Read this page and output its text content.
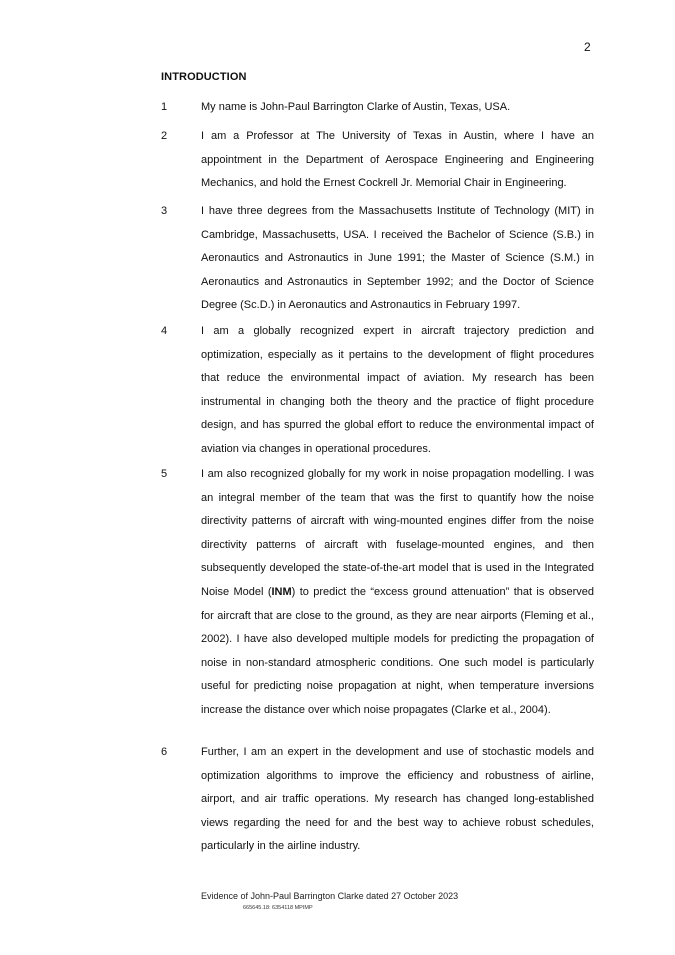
2
INTRODUCTION
1	My name is John-Paul Barrington Clarke of Austin, Texas, USA.
2	I am a Professor at The University of Texas in Austin, where I have an appointment in the Department of Aerospace Engineering and Engineering Mechanics, and hold the Ernest Cockrell Jr. Memorial Chair in Engineering.
3	I have three degrees from the Massachusetts Institute of Technology (MIT) in Cambridge, Massachusetts, USA. I received the Bachelor of Science (S.B.) in Aeronautics and Astronautics in June 1991; the Master of Science (S.M.) in Aeronautics and Astronautics in September 1992; and the Doctor of Science Degree (Sc.D.) in Aeronautics and Astronautics in February 1997.
4	I am a globally recognized expert in aircraft trajectory prediction and optimization, especially as it pertains to the development of flight procedures that reduce the environmental impact of aviation. My research has been instrumental in changing both the theory and the practice of flight procedure design, and has spurred the global effort to reduce the environmental impact of aviation via changes in operational procedures.
5	I am also recognized globally for my work in noise propagation modelling. I was an integral member of the team that was the first to quantify how the noise directivity patterns of aircraft with wing-mounted engines differ from the noise directivity patterns of aircraft with fuselage-mounted engines, and then subsequently developed the state-of-the-art model that is used in the Integrated Noise Model (INM) to predict the “excess ground attenuation” that is observed for aircraft that are close to the ground, as they are near airports (Fleming et al., 2002). I have also developed multiple models for predicting the propagation of noise in non-standard atmospheric conditions. One such model is particularly useful for predicting noise propagation at night, when temperature inversions increase the distance over which noise propagates (Clarke et al., 2004).
6	Further, I am an expert in the development and use of stochastic models and optimization algorithms to improve the efficiency and robustness of airline, airport, and air traffic operations. My research has changed long-established views regarding the need for and the best way to achieve robust schedules, particularly in the airline industry.
Evidence of John-Paul Barrington Clarke dated 27 October 2023
665645.18: 6354118 MPIMP
